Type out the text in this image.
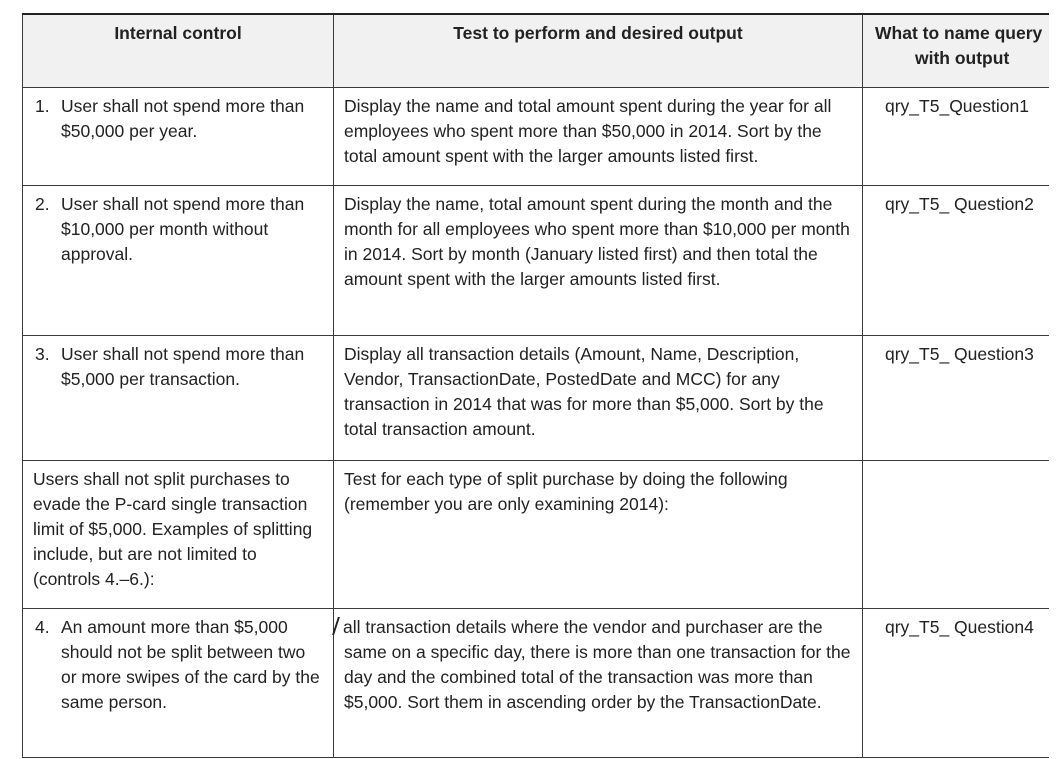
Internal control	Test to perform and desired output	What to name query
with output

1. User shall not spend more than $50,000 per year.	Display the name and total amount spent during the year for all employees who spent more than $50,000 in 2014. Sort by the total amount spent with the larger amounts listed first.	qry_T5_Question1

2. User shall not spend more than $10,000 per month without approval.	Display the name, total amount spent during the month and the month for all employees who spent more than $10,000 per month in 2014. Sort by month (January listed first) and then total the amount spent with the larger amounts listed first.	qry_T5_ Question2

3. User shall not spend more than $5,000 per transaction.	Display all transaction details (Amount, Name, Description, Vendor, TransactionDate, PostedDate and MCC) for any transaction in 2014 that was for more than $5,000. Sort by the total transaction amount.	qry_T5_ Question3

Users shall not split purchases to evade the P-card single transaction limit of $5,000. Examples of splitting include, but are not limited to (controls 4.–6.):	Test for each type of split purchase by doing the following (remember you are only examining 2014):	

4. An amount more than $5,000 should not be split between two or more swipes of the card by the same person.	all transaction details where the vendor and purchaser are the same on a specific day, there is more than one transaction for the day and the combined total of the transaction was more than $5,000. Sort them in ascending order by the TransactionDate.	qry_T5_ Question4
